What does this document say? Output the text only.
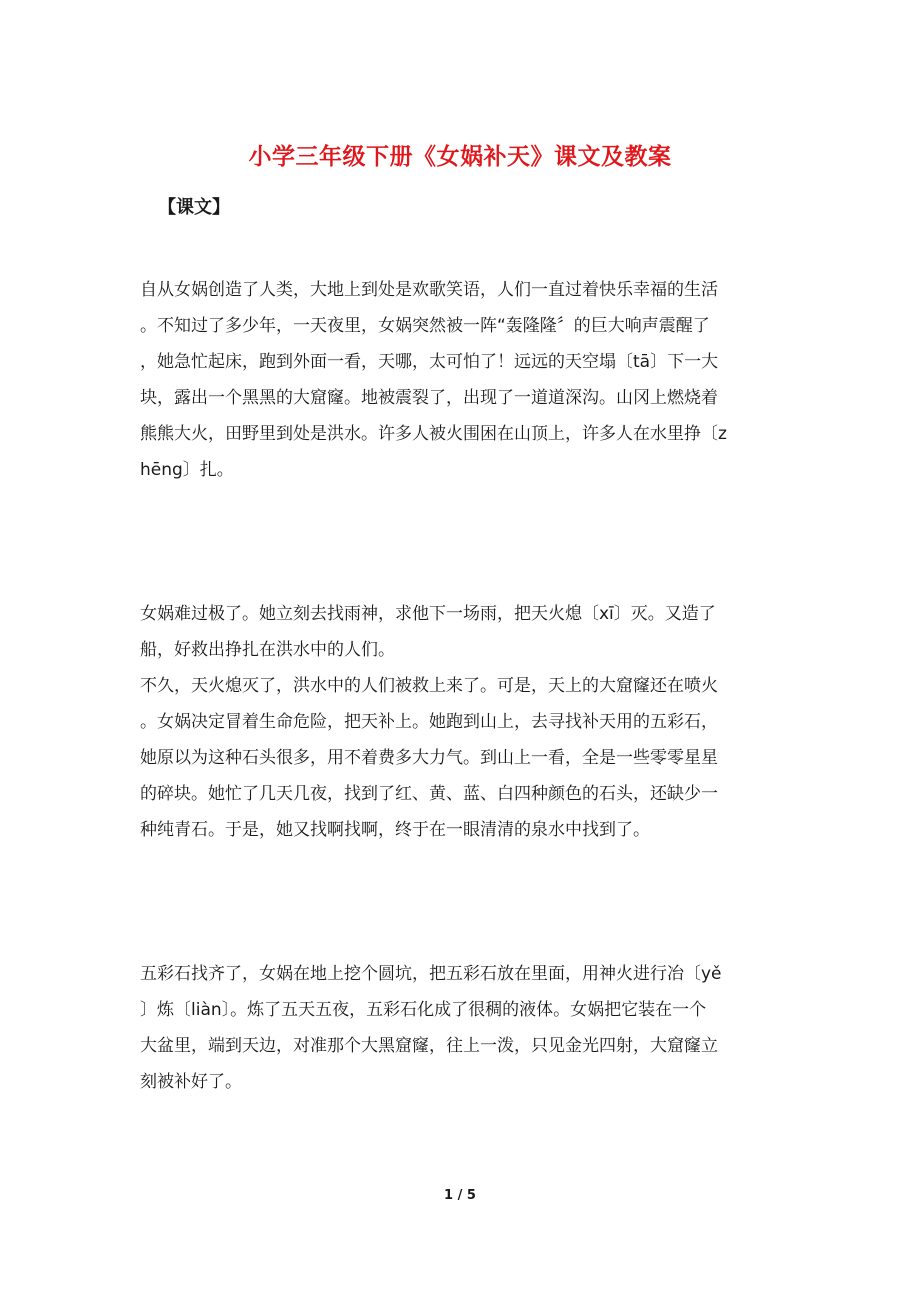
小学三年级下册《女娲补天》课文及教案

【课文】

自从女娲创造了人类，大地上到处是欢歌笑语，人们一直过着快乐幸福的生活
。不知过了多少年，一天夜里，女娲突然被一阵“轰隆隆〞的巨大响声震醒了
，她急忙起床，跑到外面一看，天哪，太可怕了！远远的天空塌〔tā〕下一大
块，露出一个黑黑的大窟窿。地被震裂了，出现了一道道深沟。山冈上燃烧着
熊熊大火，田野里到处是洪水。许多人被火围困在山顶上，许多人在水里挣〔z
hēng〕扎。

女娲难过极了。她立刻去找雨神，求他下一场雨，把天火熄〔xī〕灭。又造了
船，好救出挣扎在洪水中的人们。

不久，天火熄灭了，洪水中的人们被救上来了。可是，天上的大窟窿还在喷火
。女娲决定冒着生命危险，把天补上。她跑到山上，去寻找补天用的五彩石，
她原以为这种石头很多，用不着费多大力气。到山上一看，全是一些零零星星
的碎块。她忙了几天几夜，找到了红、黄、蓝、白四种颜色的石头，还缺少一
种纯青石。于是，她又找啊找啊，终于在一眼清清的泉水中找到了。

五彩石找齐了，女娲在地上挖个圆坑，把五彩石放在里面，用神火进行冶〔yě
〕炼〔liàn〕。炼了五天五夜，五彩石化成了很稠的液体。女娲把它装在一个
大盆里，端到天边，对准那个大黑窟窿，往上一泼，只见金光四射，大窟窿立
刻被补好了。

1 / 5
